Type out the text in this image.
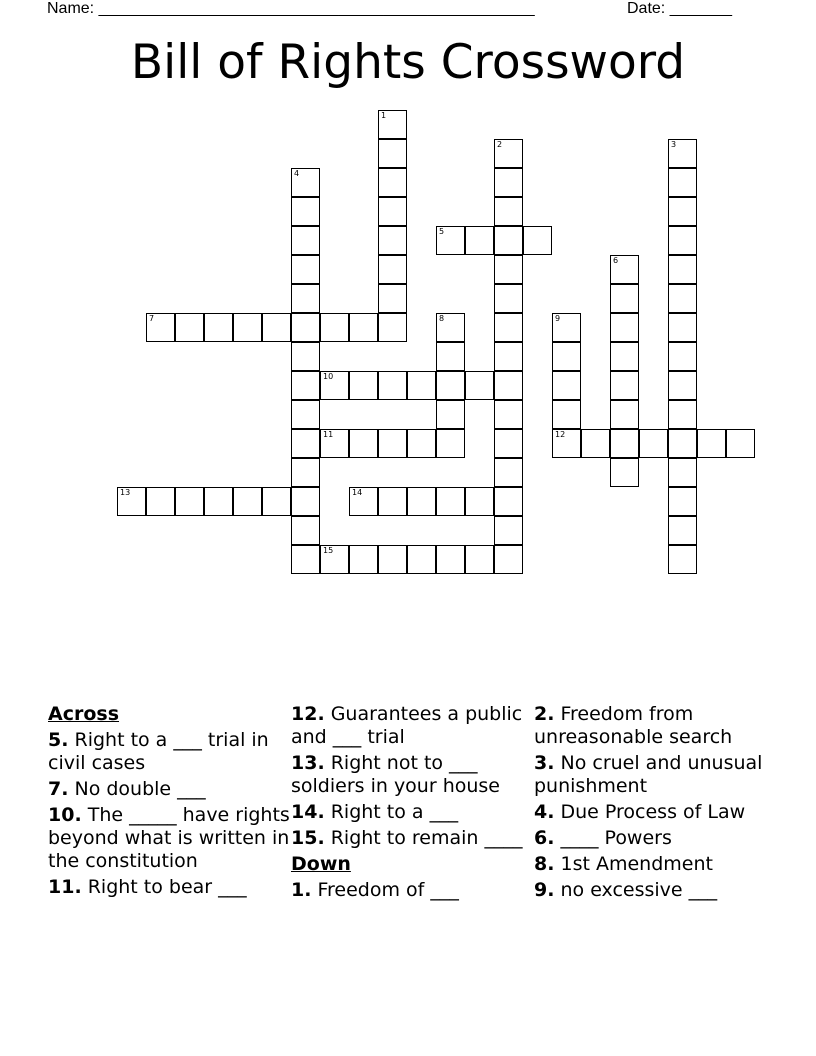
Name: _________________________________________________	Date: _______
Bill of Rights Crossword
1
2	3
4
5
6
7	8	9
12
10
11
13	14
15

Across

5. Right to a ___ trial in civil cases

7. No double ___

10. The _____ have rights beyond what is written in the constitution

11. Right to bear ___

12. Guarantees a public and ___ trial

13. Right not to ___ soldiers in your house

14. Right to a ___

15. Right to remain ____

Down

1. Freedom of ___

2. Freedom from unreasonable search

3. No cruel and unusual punishment

4. Due Process of Law

6. ____ Powers

8. 1st Amendment

9. no excessive ___
